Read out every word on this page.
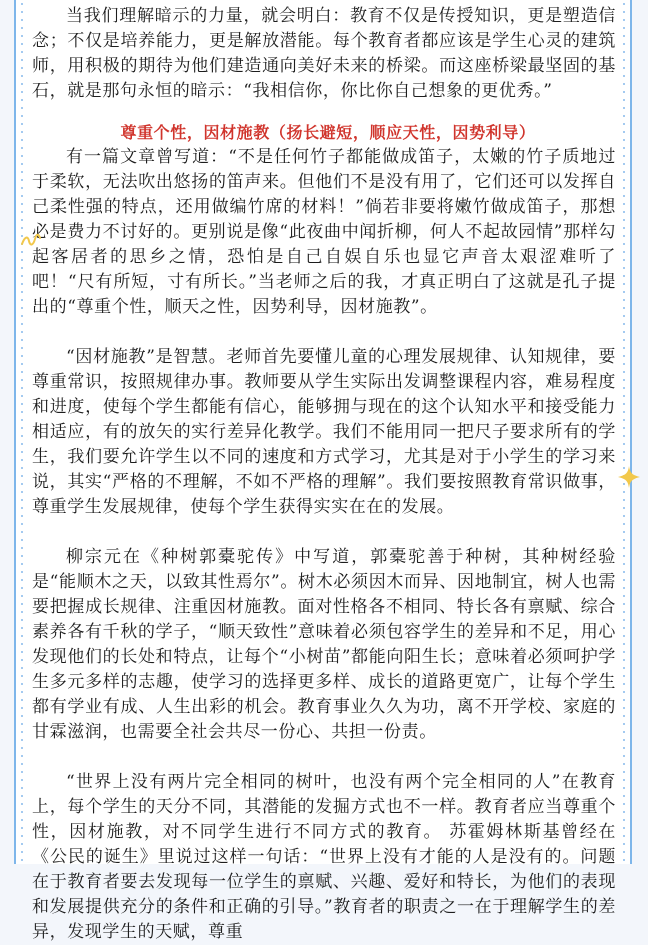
当我们理解暗示的力量，就会明白：教育不仅是传授知识，更是塑造信念；不仅是培养能力，更是解放潜能。每个教育者都应该是学生心灵的建筑师，用积极的期待为他们建造通向美好未来的桥梁。而这座桥梁最坚固的基石，就是那句永恒的暗示：“我相信你，你比你自己想象的更优秀。”

尊重个性，因材施教（扬长避短，顺应天性，因势利导）

有一篇文章曾写道：“不是任何竹子都能做成笛子，太嫩的竹子质地过于柔软，无法吹出悠扬的笛声来。但他们不是没有用了，它们还可以发挥自己柔性强的特点，还用做编竹席的材料！”倘若非要将嫩竹做成笛子，那想必是费力不讨好的。更别说是像“此夜曲中闻折柳，何人不起故园情”那样勾起客居者的思乡之情，恐怕是自己自娱自乐也显它声音太艰涩难听了吧！“尺有所短，寸有所长。”当老师之后的我，才真正明白了这就是孔子提出的“尊重个性，顺天之性，因势利导，因材施教”。

“因材施教”是智慧。老师首先要懂儿童的心理发展规律、认知规律，要尊重常识，按照规律办事。教师要从学生实际出发调整课程内容，难易程度和进度，使每个学生都能有信心，能够拥与现在的这个认知水平和接受能力相适应，有的放矢的实行差异化教学。我们不能用同一把尺子要求所有的学生，我们要允许学生以不同的速度和方式学习，尤其是对于小学生的学习来说，其实“严格的不理解，不如不严格的理解”。我们要按照教育常识做事，尊重学生发展规律，使每个学生获得实实在在的发展。

柳宗元在《种树郭橐驼传》中写道，郭橐驼善于种树，其种树经验是“能顺木之天，以致其性焉尔”。树木必须因木而异、因地制宜，树人也需要把握成长规律、注重因材施教。面对性格各不相同、特长各有禀赋、综合素养各有千秋的学子，“顺天致性”意味着必须包容学生的差异和不足，用心发现他们的长处和特点，让每个“小树苗”都能向阳生长；意味着必须呵护学生多元多样的志趣，使学习的选择更多样、成长的道路更宽广，让每个学生都有学业有成、人生出彩的机会。教育事业久久为功，离不开学校、家庭的甘霖滋润，也需要全社会共尽一份心、共担一份责。

“世界上没有两片完全相同的树叶，也没有两个完全相同的人”在教育上，每个学生的天分不同，其潜能的发掘方式也不一样。教育者应当尊重个性，因材施教，对不同学生进行不同方式的教育。 苏霍姆林斯基曾经在《公民的诞生》里说过这样一句话：“世界上没有才能的人是没有的。问题在于教育者要去发现每一位学生的禀赋、兴趣、爱好和特长，为他们的表现和发展提供充分的条件和正确的引导。”教育者的职责之一在于理解学生的差异，发现学生的天赋，尊重
